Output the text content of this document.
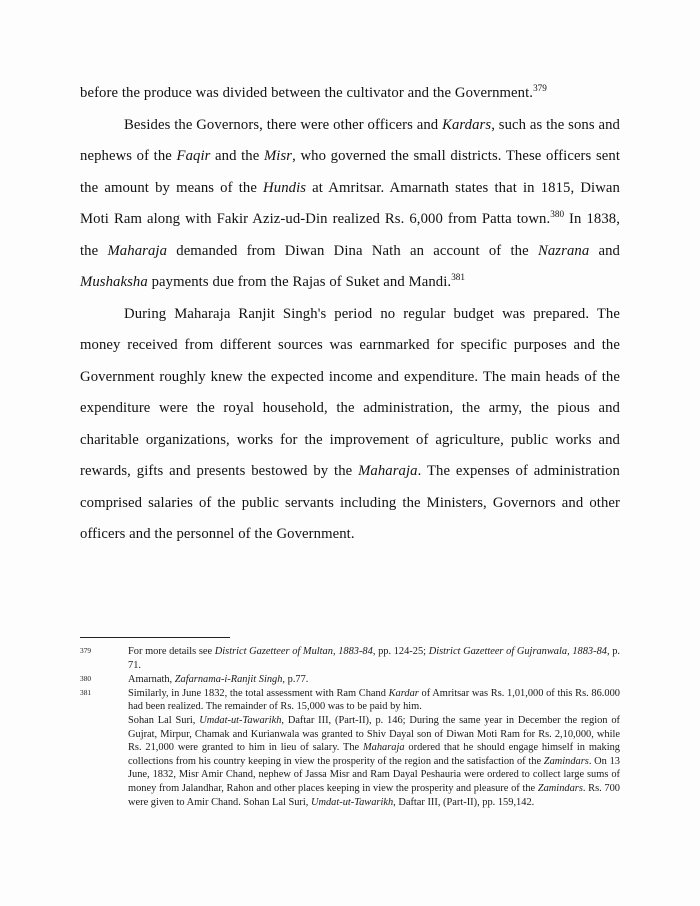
before the produce was divided between the cultivator and the Government.$^{379}$

Besides the Governors, there were other officers and Kardars, such as the sons and nephews of the Faqir and the Misr, who governed the small districts. These officers sent the amount by means of the Hundis at Amritsar. Amarnath states that in 1815, Diwan Moti Ram along with Fakir Aziz-ud-Din realized Rs. 6,000 from Patta town.$^{380}$ In 1838, the Maharaja demanded from Diwan Dina Nath an account of the Nazrana and Mushaksha payments due from the Rajas of Suket and Mandi.$^{381}$

During Maharaja Ranjit Singh's period no regular budget was prepared. The money received from different sources was earnmarked for specific purposes and the Government roughly knew the expected income and expenditure. The main heads of the expenditure were the royal household, the administration, the army, the pious and charitable organizations, works for the improvement of agriculture, public works and rewards, gifts and presents bestowed by the Maharaja. The expenses of administration comprised salaries of the public servants including the Ministers, Governors and other officers and the personnel of the Government.

379	For more details see District Gazetteer of Multan, 1883-84, pp. 124-25; District Gazetteer of Gujranwala, 1883-84, p. 71.
380	Amarnath, Zafarnama-i-Ranjit Singh, p.77.
381	Similarly, in June 1832, the total assessment with Ram Chand Kardar of Amritsar was Rs. 1,01,000 of this Rs. 86.000 had been realized. The remainder of Rs. 15,000 was to be paid by him.
Sohan Lal Suri, Umdat-ut-Tawarikh, Daftar III, (Part-II), p. 146; During the same year in December the region of Gujrat, Mirpur, Chamak and Kurianwala was granted to Shiv Dayal son of Diwan Moti Ram for Rs. 2,10,000, while Rs. 21,000 were granted to him in lieu of salary. The Maharaja ordered that he should engage himself in making collections from his country keeping in view the prosperity of the region and the satisfaction of the Zamindars. On 13 June, 1832, Misr Amir Chand, nephew of Jassa Misr and Ram Dayal Peshauria were ordered to collect large sums of money from Jalandhar, Rahon and other places keeping in view the prosperity and pleasure of the Zamindars. Rs. 700 were given to Amir Chand. Sohan Lal Suri, Umdat-ut-Tawarikh, Daftar III, (Part-II), pp. 159,142.
